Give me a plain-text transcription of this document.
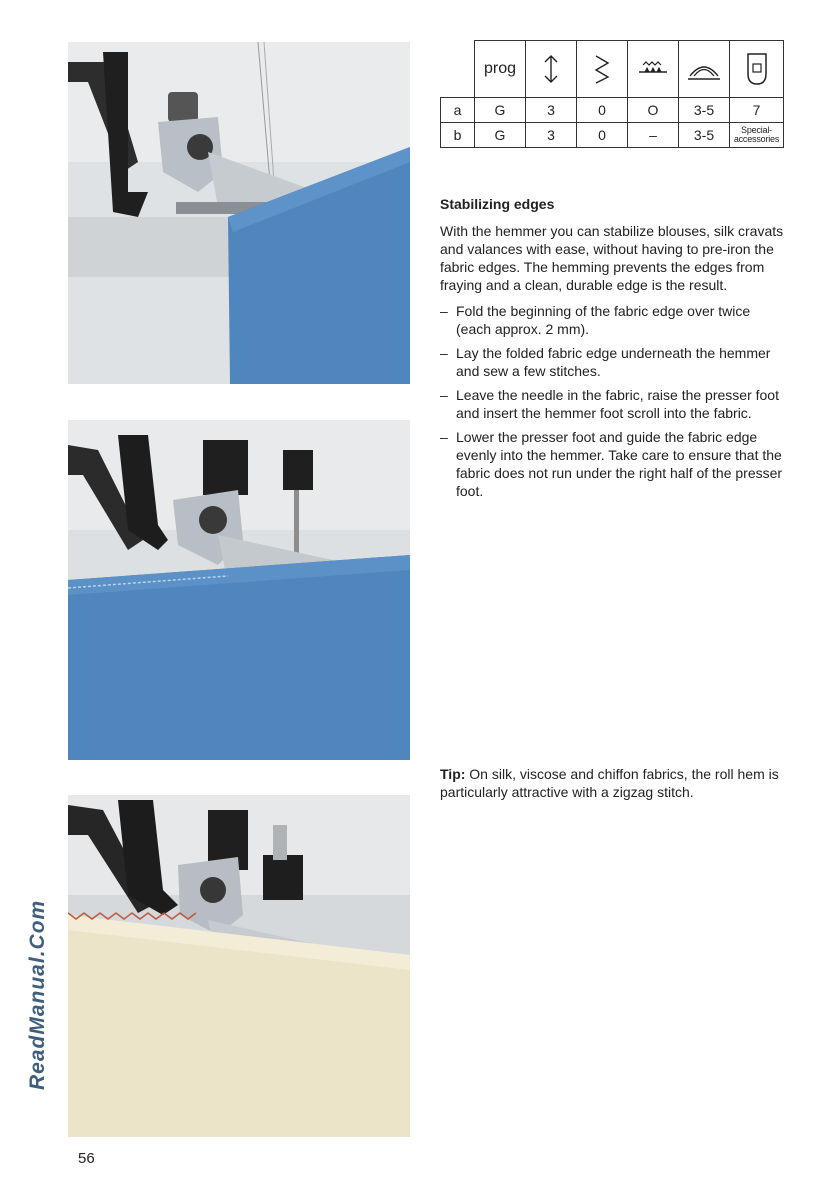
	prog	

a	G	3	0	O	3-5	7
b	G	3	0	–	3-5	Special-
accessories
Stabilizing edges

With the hemmer you can stabilize blouses, silk cravats and valances with ease, without having to pre-iron the fabric edges. The hemming prevents the edges from fraying and a clean, durable edge is the result.

– Fold the beginning of the fabric edge over twice (each approx. 2 mm).
– Lay the folded fabric edge underneath the hemmer and sew a few stitches.
– Leave the needle in the fabric, raise the presser foot and insert the hemmer foot scroll into the fabric.
– Lower the presser foot and guide the fabric edge evenly into the hemmer. Take care to ensure that the fabric does not run under the right half of the presser foot.

Tip: On silk, viscose and chiffon fabrics, the roll hem is particularly attractive with a zigzag stitch.

56
ReadManual.Com
